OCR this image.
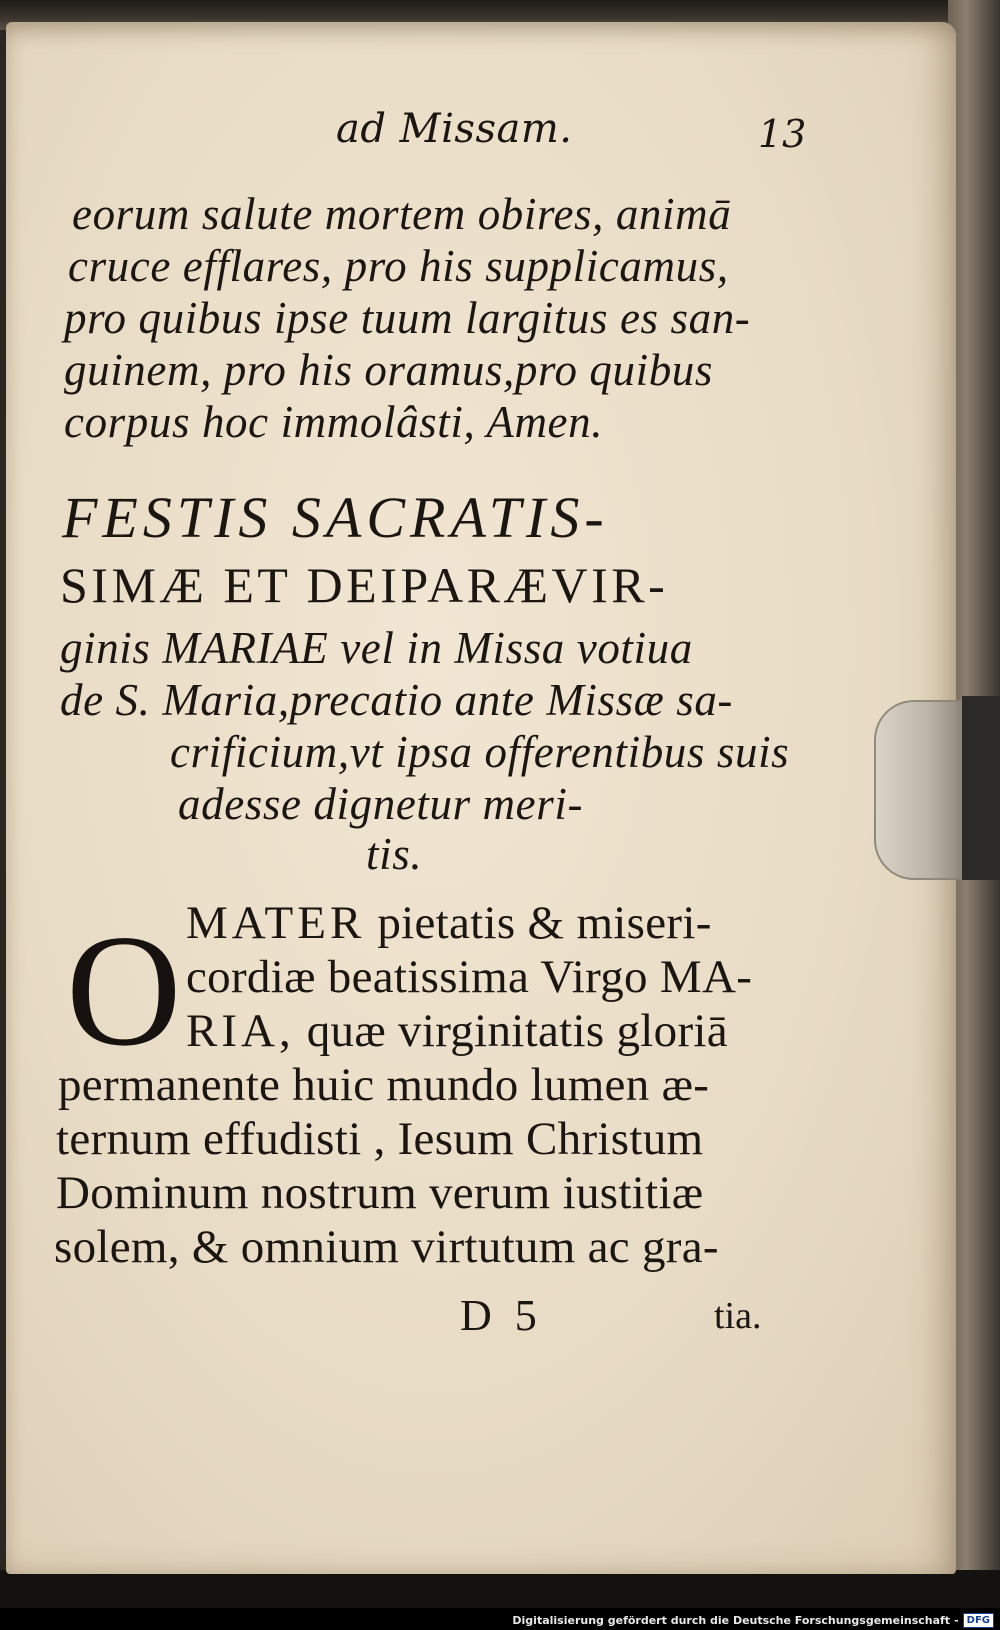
ad Missam.	13
eorum salute mortem obires, animā
cruce efflares, pro his supplicamus,
pro quibus ipse tuum largitus es san-
guinem, pro his oramus,pro quibus
corpus hoc immolâsti, Amen.
FESTIS SACRATIS-
SIMÆ ET DEIPARÆVIR-
ginis MARIAE vel in Missa votiua
de S. Maria,precatio ante Missæ sa-
crificium,vt ipsa offerentibus suis
adesse dignetur meri-
tis.
O MATER pietatis & miseri-
cordiæ beatissima Virgo MA-
RIA, quæ virginitatis gloriā
permanente huic mundo lumen æ-
ternum effudisti , Iesum Christum
Dominum nostrum verum iustitiæ
solem, & omnium virtutum ac gra-
D 5	tia.
Digitalisierung gefördert durch die Deutsche Forschungsgemeinschaft - DFG
